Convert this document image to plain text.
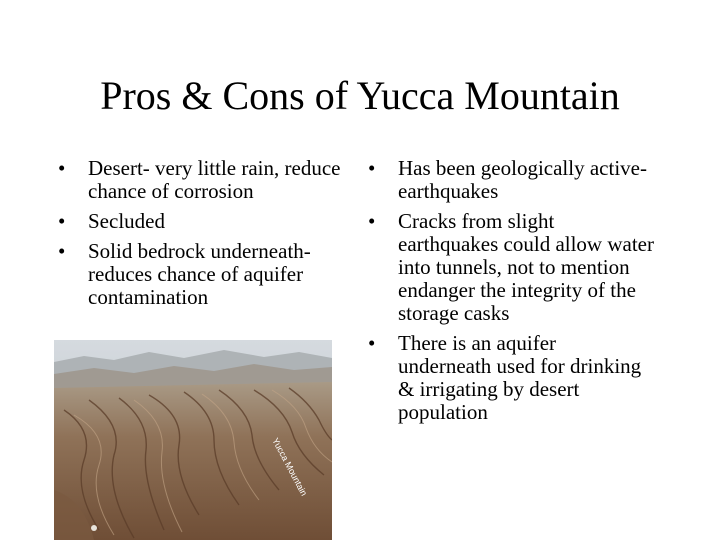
Pros & Cons of Yucca Mountain
• Desert- very little rain, reduce chance of corrosion
• Secluded
• Solid bedrock underneath- reduces chance of aquifer contamination
• Has been geologically active- earthquakes
• Cracks from slight earthquakes could allow water into tunnels, not to mention endanger the integrity of the storage casks
• There is an aquifer underneath used for drinking & irrigating by desert population
Yucca Mountain
